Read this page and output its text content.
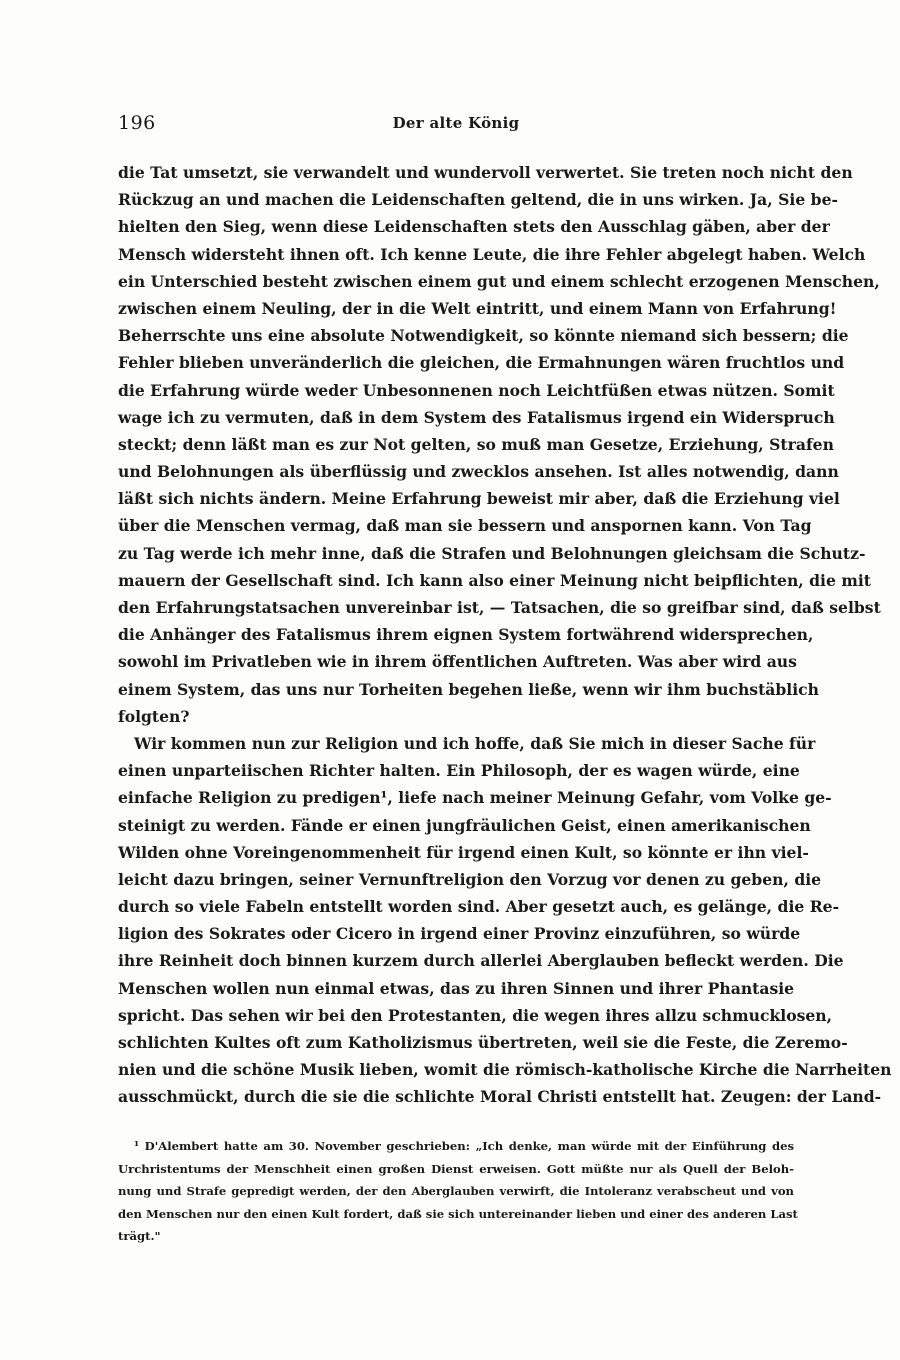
196	Der alte König
die Tat umsetzt, sie verwandelt und wundervoll verwertet. Sie treten noch nicht den
Rückzug an und machen die Leidenschaften geltend, die in uns wirken. Ja, Sie be-
hielten den Sieg, wenn diese Leidenschaften stets den Ausschlag gäben, aber der
Mensch widersteht ihnen oft. Ich kenne Leute, die ihre Fehler abgelegt haben. Welch
ein Unterschied besteht zwischen einem gut und einem schlecht erzogenen Menschen,
zwischen einem Neuling, der in die Welt eintritt, und einem Mann von Erfahrung!
Beherrschte uns eine absolute Notwendigkeit, so könnte niemand sich bessern; die
Fehler blieben unveränderlich die gleichen, die Ermahnungen wären fruchtlos und
die Erfahrung würde weder Unbesonnenen noch Leichtfüßen etwas nützen. Somit
wage ich zu vermuten, daß in dem System des Fatalismus irgend ein Widerspruch
steckt; denn läßt man es zur Not gelten, so muß man Gesetze, Erziehung, Strafen
und Belohnungen als überflüssig und zwecklos ansehen. Ist alles notwendig, dann
läßt sich nichts ändern. Meine Erfahrung beweist mir aber, daß die Erziehung viel
über die Menschen vermag, daß man sie bessern und anspornen kann. Von Tag
zu Tag werde ich mehr inne, daß die Strafen und Belohnungen gleichsam die Schutz-
mauern der Gesellschaft sind. Ich kann also einer Meinung nicht beipflichten, die mit
den Erfahrungstatsachen unvereinbar ist, — Tatsachen, die so greifbar sind, daß selbst
die Anhänger des Fatalismus ihrem eignen System fortwährend widersprechen,
sowohl im Privatleben wie in ihrem öffentlichen Auftreten. Was aber wird aus
einem System, das uns nur Torheiten begehen ließe, wenn wir ihm buchstäblich
folgten?
Wir kommen nun zur Religion und ich hoffe, daß Sie mich in dieser Sache für
einen unparteiischen Richter halten. Ein Philosoph, der es wagen würde, eine
einfache Religion zu predigen¹, liefe nach meiner Meinung Gefahr, vom Volke ge-
steinigt zu werden. Fände er einen jungfräulichen Geist, einen amerikanischen
Wilden ohne Voreingenommenheit für irgend einen Kult, so könnte er ihn viel-
leicht dazu bringen, seiner Vernunftreligion den Vorzug vor denen zu geben, die
durch so viele Fabeln entstellt worden sind. Aber gesetzt auch, es gelänge, die Re-
ligion des Sokrates oder Cicero in irgend einer Provinz einzuführen, so würde
ihre Reinheit doch binnen kurzem durch allerlei Aberglauben befleckt werden. Die
Menschen wollen nun einmal etwas, das zu ihren Sinnen und ihrer Phantasie
spricht. Das sehen wir bei den Protestanten, die wegen ihres allzu schmucklosen,
schlichten Kultes oft zum Katholizismus übertreten, weil sie die Feste, die Zeremo-
nien und die schöne Musik lieben, womit die römisch-katholische Kirche die Narrheiten
ausschmückt, durch die sie die schlichte Moral Christi entstellt hat. Zeugen: der Land-
¹ D'Alembert hatte am 30. November geschrieben: „Ich denke, man würde mit der Einführung des
Urchristentums der Menschheit einen großen Dienst erweisen. Gott müßte nur als Quell der Beloh-
nung und Strafe gepredigt werden, der den Aberglauben verwirft, die Intoleranz verabscheut und von
den Menschen nur den einen Kult fordert, daß sie sich untereinander lieben und einer des anderen Last
trägt."
